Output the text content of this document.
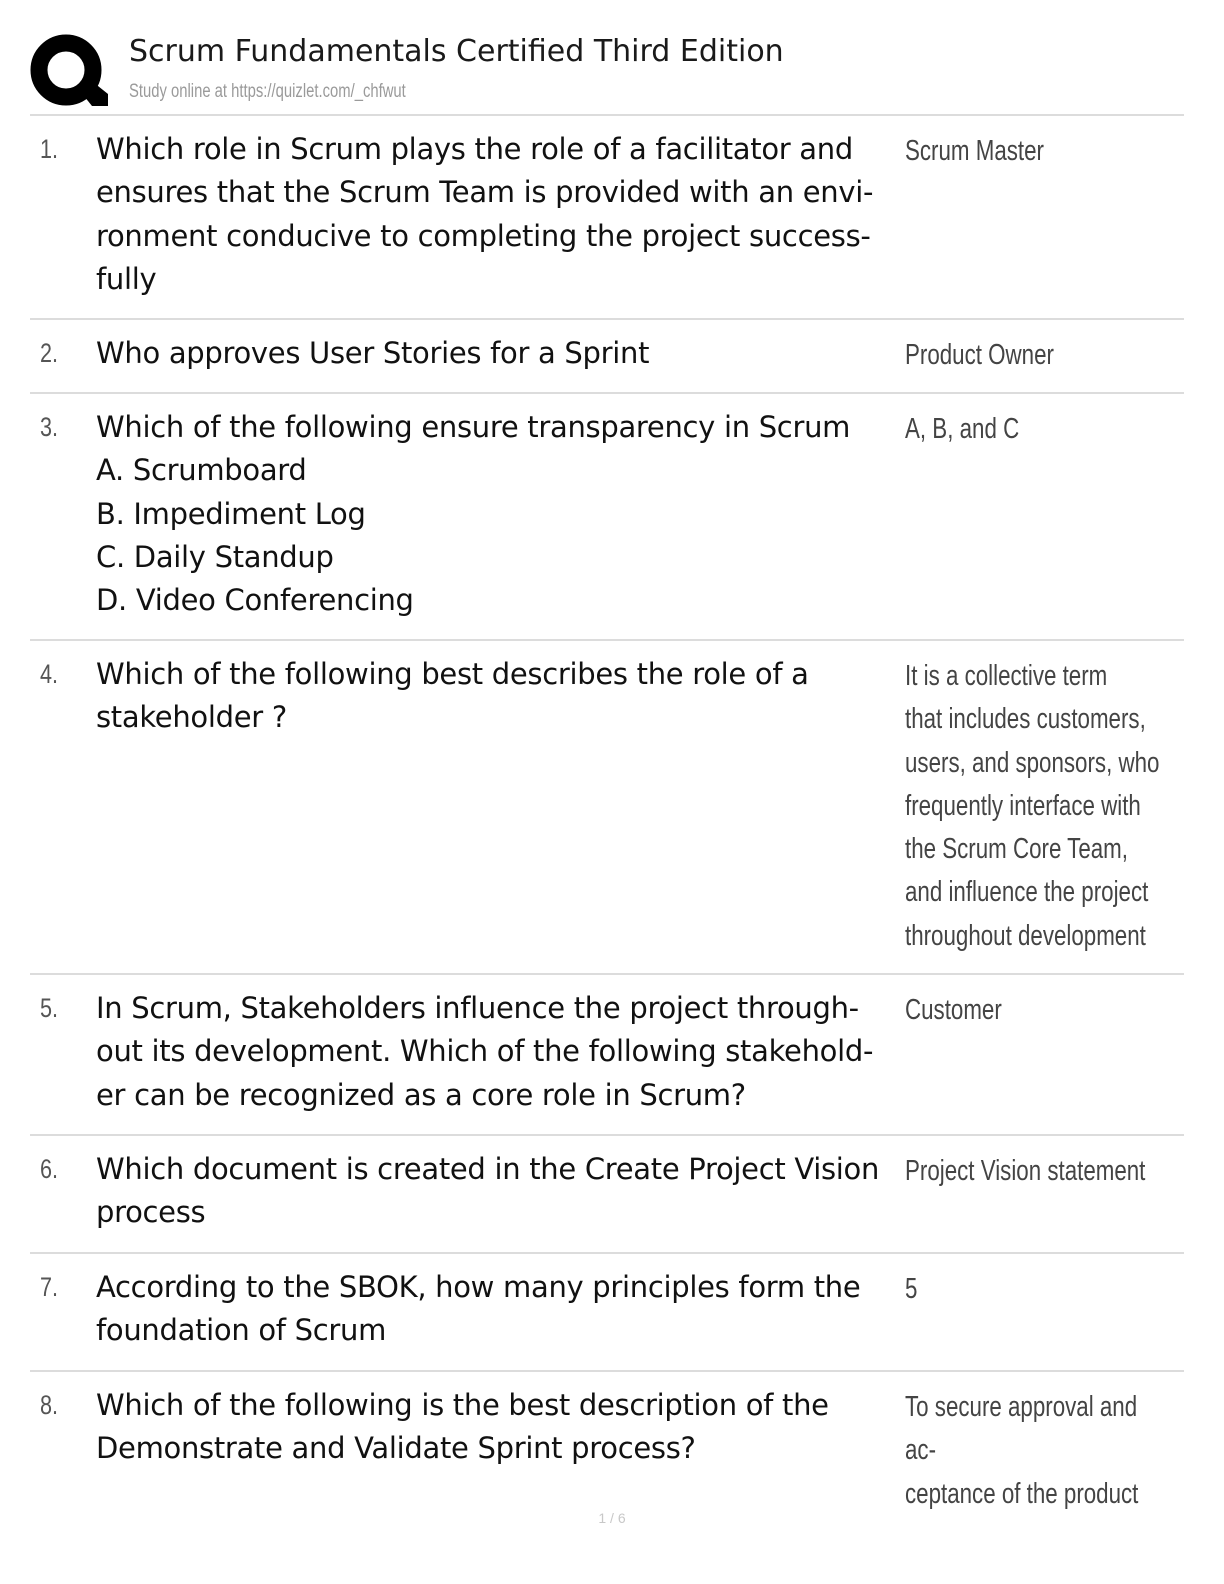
Scrum Fundamentals Certified Third Edition
Study online at https://quizlet.com/_chfwut
1. Which role in Scrum plays the role of a facilitator and
ensures that the Scrum Team is provided with an envi-
ronment conducive to completing the project success-
fully
Scrum Master
2. Who approves User Stories for a Sprint	Product Owner
3. Which of the following ensure transparency in Scrum
A. Scrumboard
B. Impediment Log
C. Daily Standup
D. Video Conferencing
A, B, and C
4. Which of the following best describes the role of a
stakeholder ?
It is a collective term
that includes customers,
users, and sponsors, who
frequently interface with
the Scrum Core Team,
and influence the project
throughout development
5. In Scrum, Stakeholders influence the project through-
out its development. Which of the following stakehold-
er can be recognized as a core role in Scrum?
Customer
6. Which document is created in the Create Project Vision
process
Project Vision statement
7. According to the SBOK, how many principles form the
foundation of Scrum
5
8. Which of the following is the best description of the
Demonstrate and Validate Sprint process?
To secure approval and ac-
ceptance of the product
1 / 6
